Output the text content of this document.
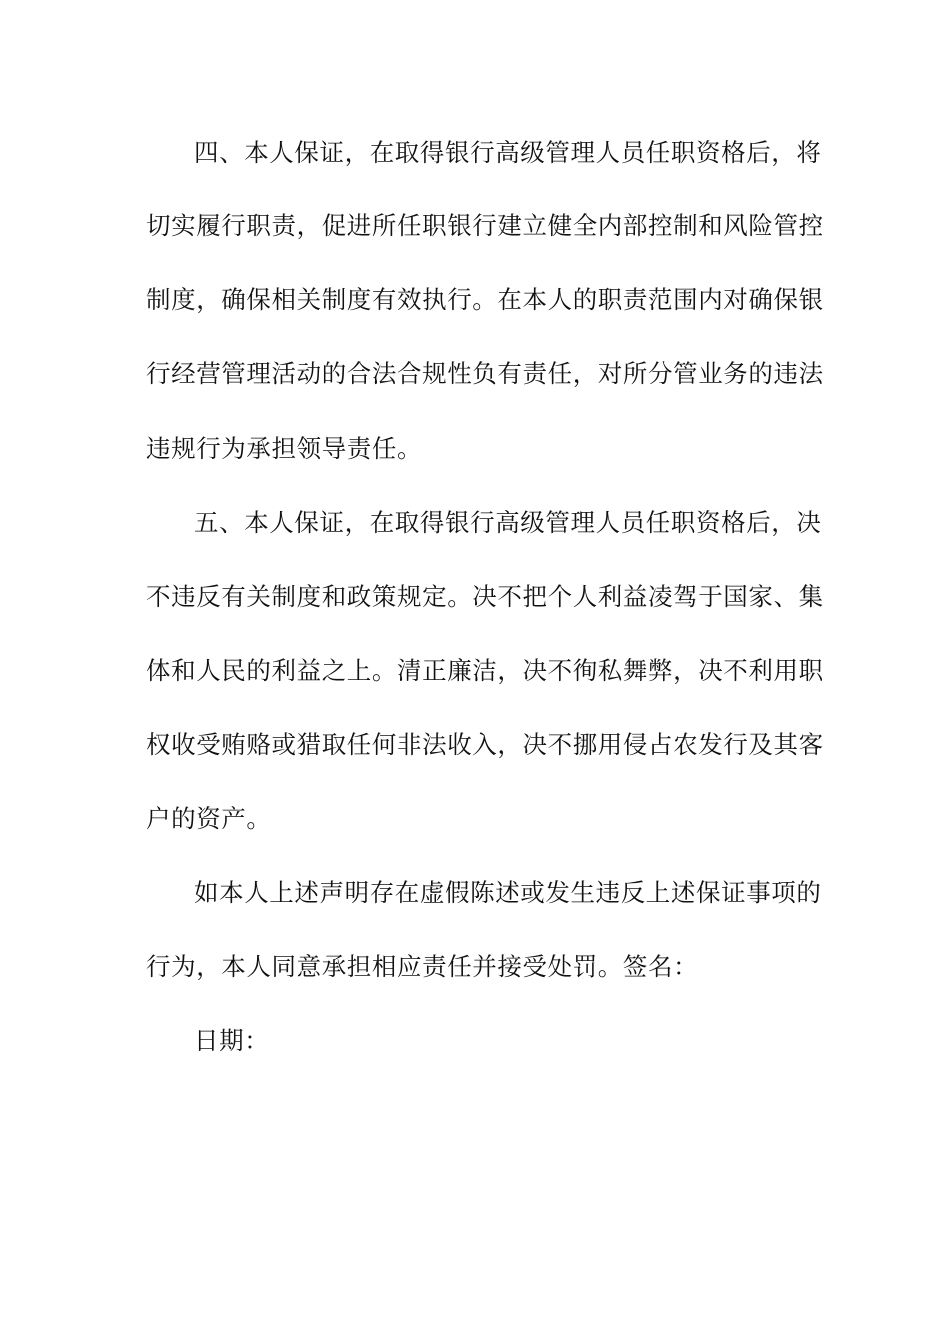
四、本人保证，在取得银行高级管理人员任职资格后，将
切实履行职责，促进所任职银行建立健全内部控制和风险管控
制度，确保相关制度有效执行。在本人的职责范围内对确保银
行经营管理活动的合法合规性负有责任，对所分管业务的违法
违规行为承担领导责任。
五、本人保证，在取得银行高级管理人员任职资格后，决
不违反有关制度和政策规定。决不把个人利益凌驾于国家、集
体和人民的利益之上。清正廉洁，决不徇私舞弊，决不利用职
权收受贿赂或猎取任何非法收入，决不挪用侵占农发行及其客
户的资产。
如本人上述声明存在虚假陈述或发生违反上述保证事项的
行为，本人同意承担相应责任并接受处罚。签名：
日期：
